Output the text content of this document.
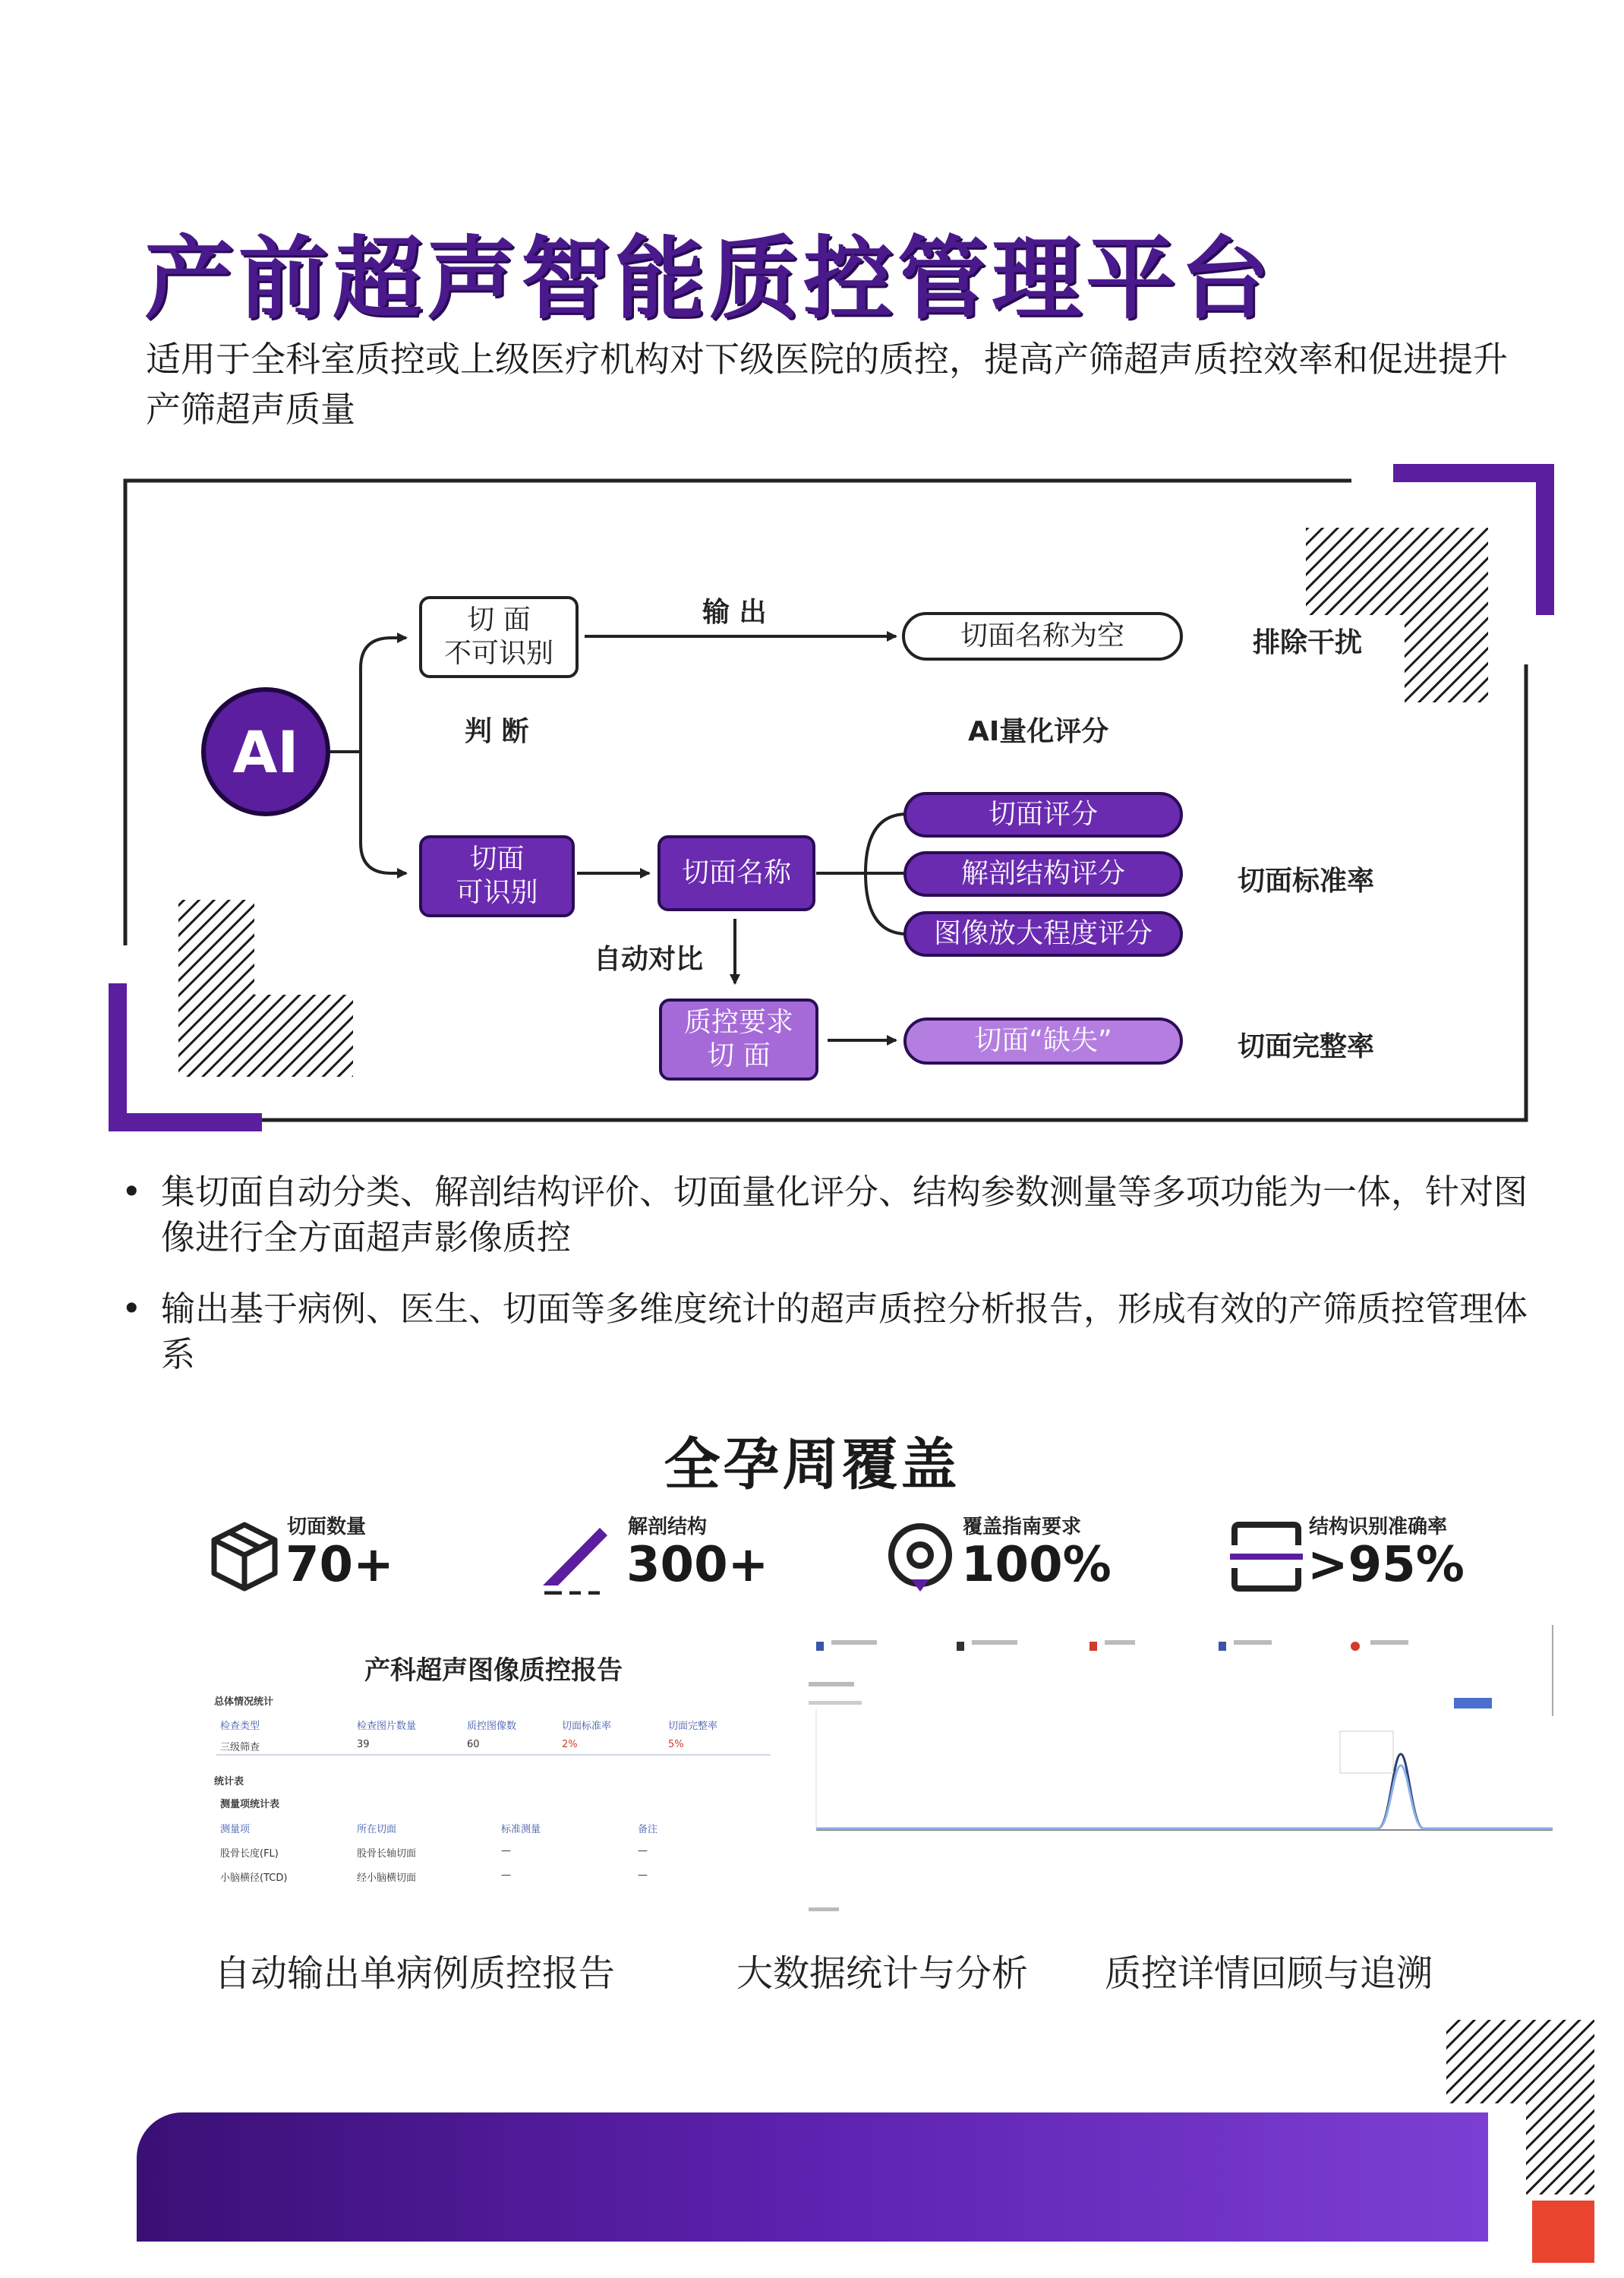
产前超声智能质控管理平台
适用于全科室质控或上级医疗机构对下级医院的质控，提高产筛超声质控效率和促进提升产筛超声质量
AI
切 面
不可识别
输 出
切面名称为空	排除干扰
判 断	AI量化评分
切面
可识别
切面名称
切面评分
解剖结构评分
图像放大程度评分
切面标准率
自动对比
质控要求
切 面	切面“缺失”	切面完整率
• 集切面自动分类、解剖结构评价、切面量化评分、结构参数测量等多项功能为一体，针对图像进行全方面超声影像质控
• 输出基于病例、医生、切面等多维度统计的超声质控分析报告，形成有效的产筛质控管理体系
全孕周覆盖
切面数量
70+
解剖结构
300+
覆盖指南要求
100%
结构识别准确率
>95%
产科超声图像质控报告
总体情况统计
检查类型	检查图片数量	质控图像数	切面标准率	切面完整率
三级筛查	39	60	2%	5%
统计表
测量项统计表
测量项	所在切面	标准测量	备注
股骨长度(FL)	股骨长轴切面	—	—
小脑横径(TCD)	经小脑横切面	—	—
自动输出单病例质控报告	大数据统计与分析 质控详情回顾与追溯
